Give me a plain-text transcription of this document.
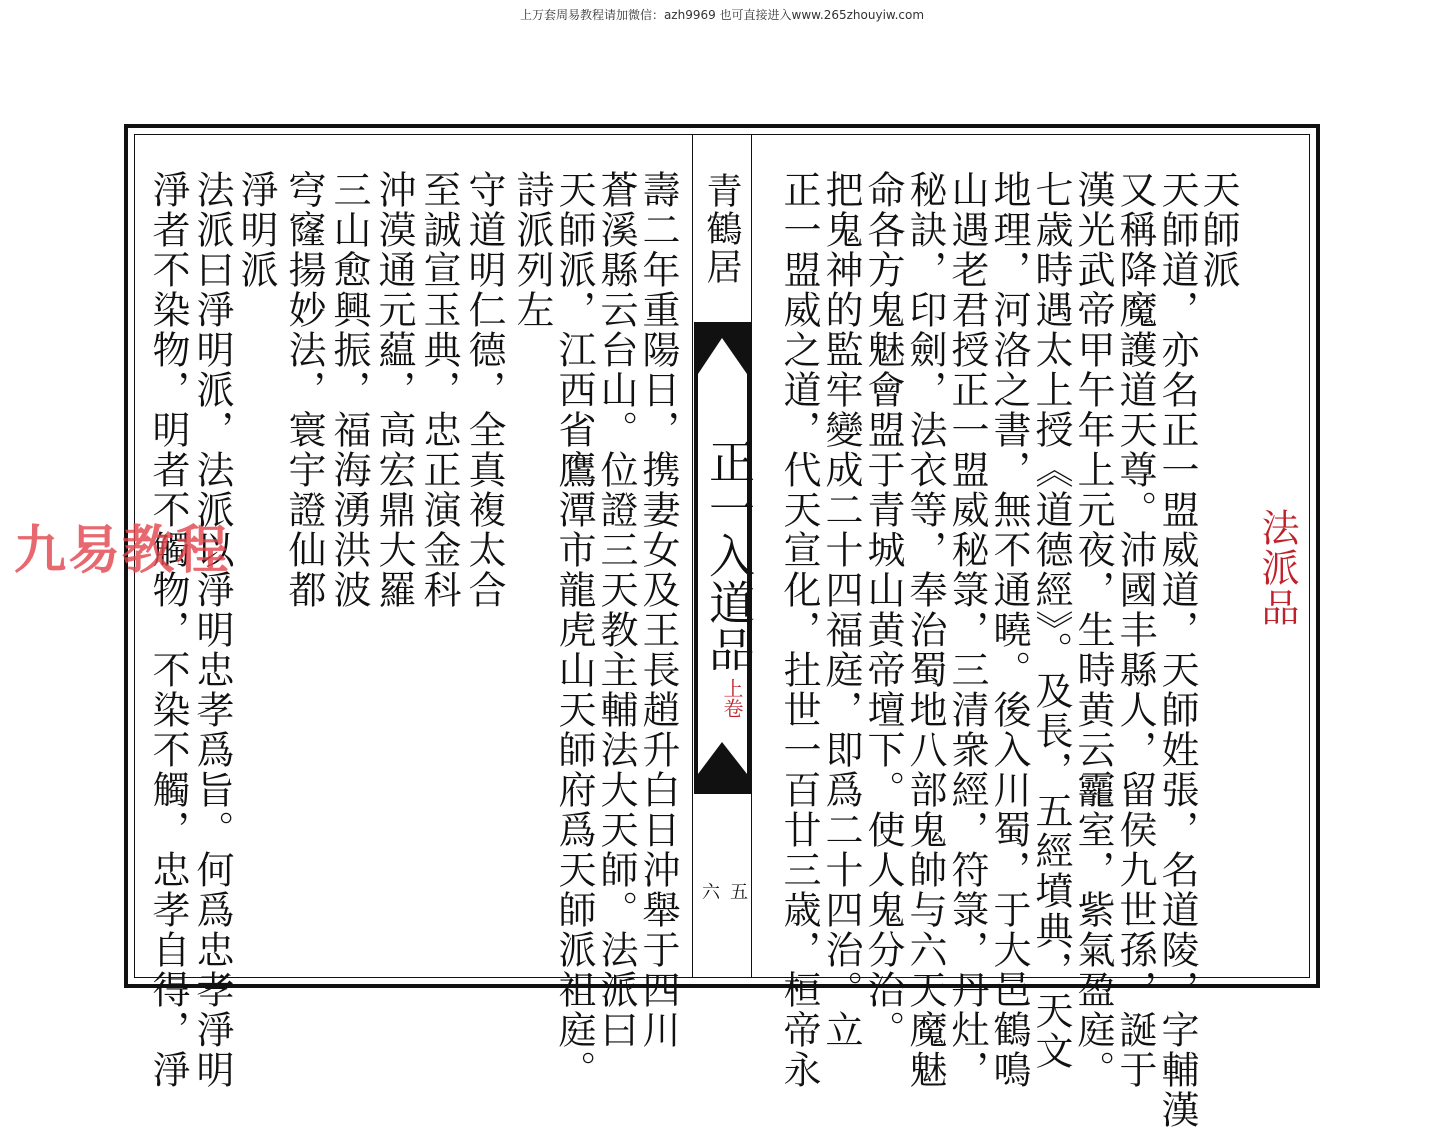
上万套周易教程请加微信：azh9969 也可直接进入www.265zhouyiw.com
青鶴居
正一入道品
上卷
五
六
法派品
天師派
天師道，亦名正一盟威道，天師姓張，名道陵，字輔漢
又稱降魔護道天尊。沛國丰縣人，留侯九世孫，誕于
漢光武帝甲午年上元夜，生時黄云龗室，紫氣盈庭。
七歳時遇太上授《道德經》。及長，五經墳典，天文
地理，河洛之書，無不通曉。後入川蜀，于大邑鶴鳴
山遇老君授正一盟威秘箓，三清衆經，符箓，丹灶，
秘訣，印劍，法衣等，奉治蜀地八部鬼帥与六天魔魅
命各方鬼魅會盟于青城山黄帝壇下。使人鬼分治。
把鬼神的監牢變成二十四福庭，即爲二十四治。立
正一盟威之道，代天宣化，扗世一百廿三歳，桓帝永
壽二年重陽日，携妻女及王長趙升白日沖舉于四川
蒼溪縣云台山。位證三天教主輔法大天師。法派曰
天師派，江西省鷹潭市龍虎山天師府爲天師派祖庭。
詩派列左
守道明仁德，全真複太合
至誠宣玉典，忠正演金科
沖漠通元藴，高宏鼎大羅
三山愈興振，福海湧洪波
穹窿揚妙法，寰宇證仙都
淨明派
法派曰淨明派，法派以淨明忠孝爲旨。何爲忠孝淨明
淨者不染物，明者不觸物，不染不觸，忠孝自得，淨
九易教程
